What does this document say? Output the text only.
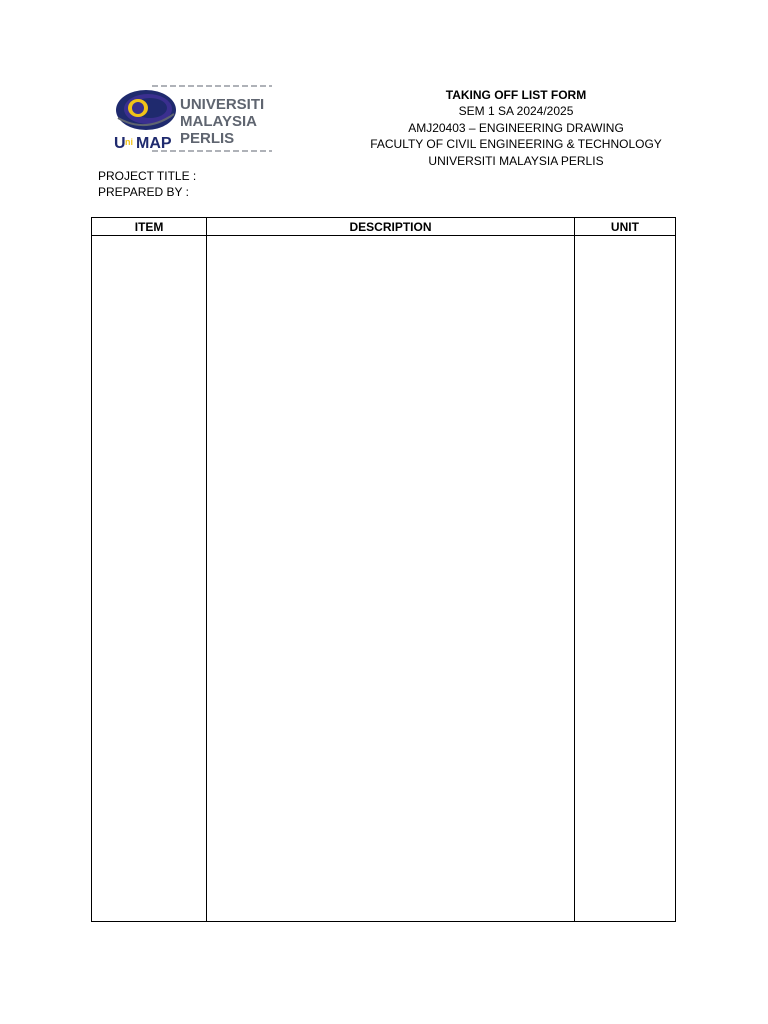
U ni MAP
UNIVERSITI
MALAYSIA
PERLIS
TAKING OFF LIST FORM
SEM 1 SA 2024/2025
AMJ20403 – ENGINEERING DRAWING
FACULTY OF CIVIL ENGINEERING & TECHNOLOGY
UNIVERSITI MALAYSIA PERLIS
PROJECT TITLE :
PREPARED BY :
ITEM	DESCRIPTION	UNIT
